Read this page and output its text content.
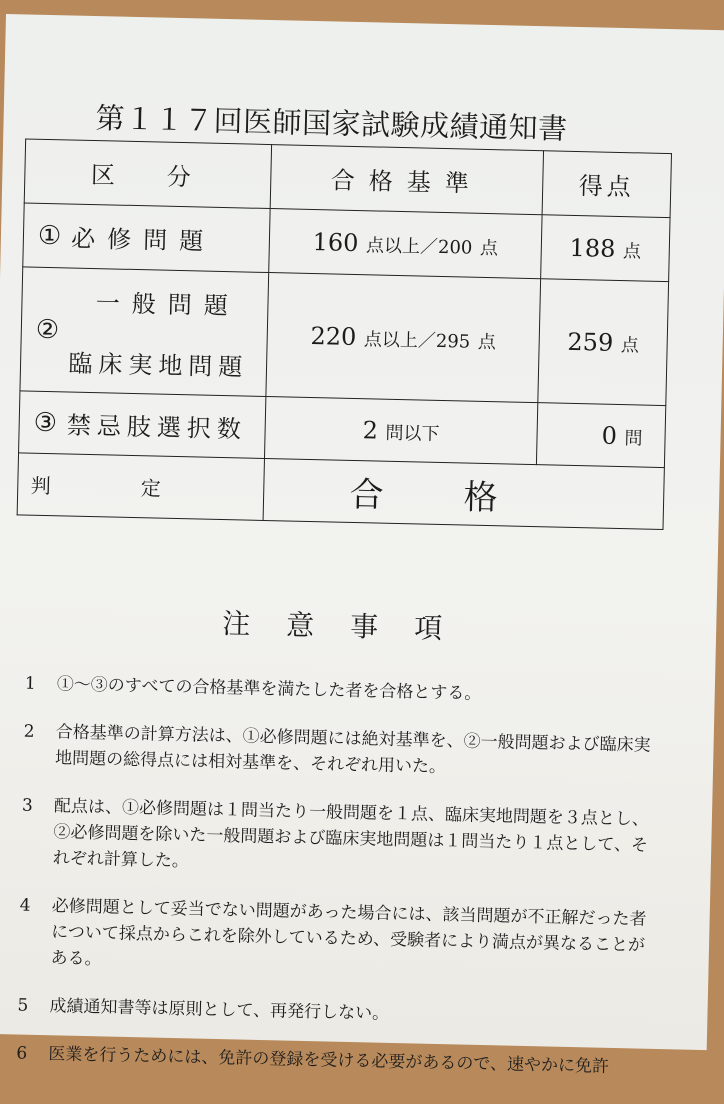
第１１７回医師国家試験成績通知書
区　分	合格基準	得点

① 必修問題	160 点以上／200 点	188 点

②
一般問題
臨床実地問題	220 点以上／295 点	259 点

③ 禁忌肢選択数	2 問以下	0 問
判定	合格	
注意事項
1	①～③のすべての合格基準を満たした者を合格とする。
2	合格基準の計算方法は、①必修問題には絶対基準を、②一般問題および臨床実地問題の総得点には相対基準を、それぞれ用いた。
3	配点は、①必修問題は１問当たり一般問題を１点、臨床実地問題を３点とし、②必修問題を除いた一般問題および臨床実地問題は１問当たり１点として、それぞれ計算した。
4	必修問題として妥当でない問題があった場合には、該当問題が不正解だった者について採点からこれを除外しているため、受験者により満点が異なることがある。
5	成績通知書等は原則として、再発行しない。
6	医業を行うためには、免許の登録を受ける必要があるので、速やかに免許
